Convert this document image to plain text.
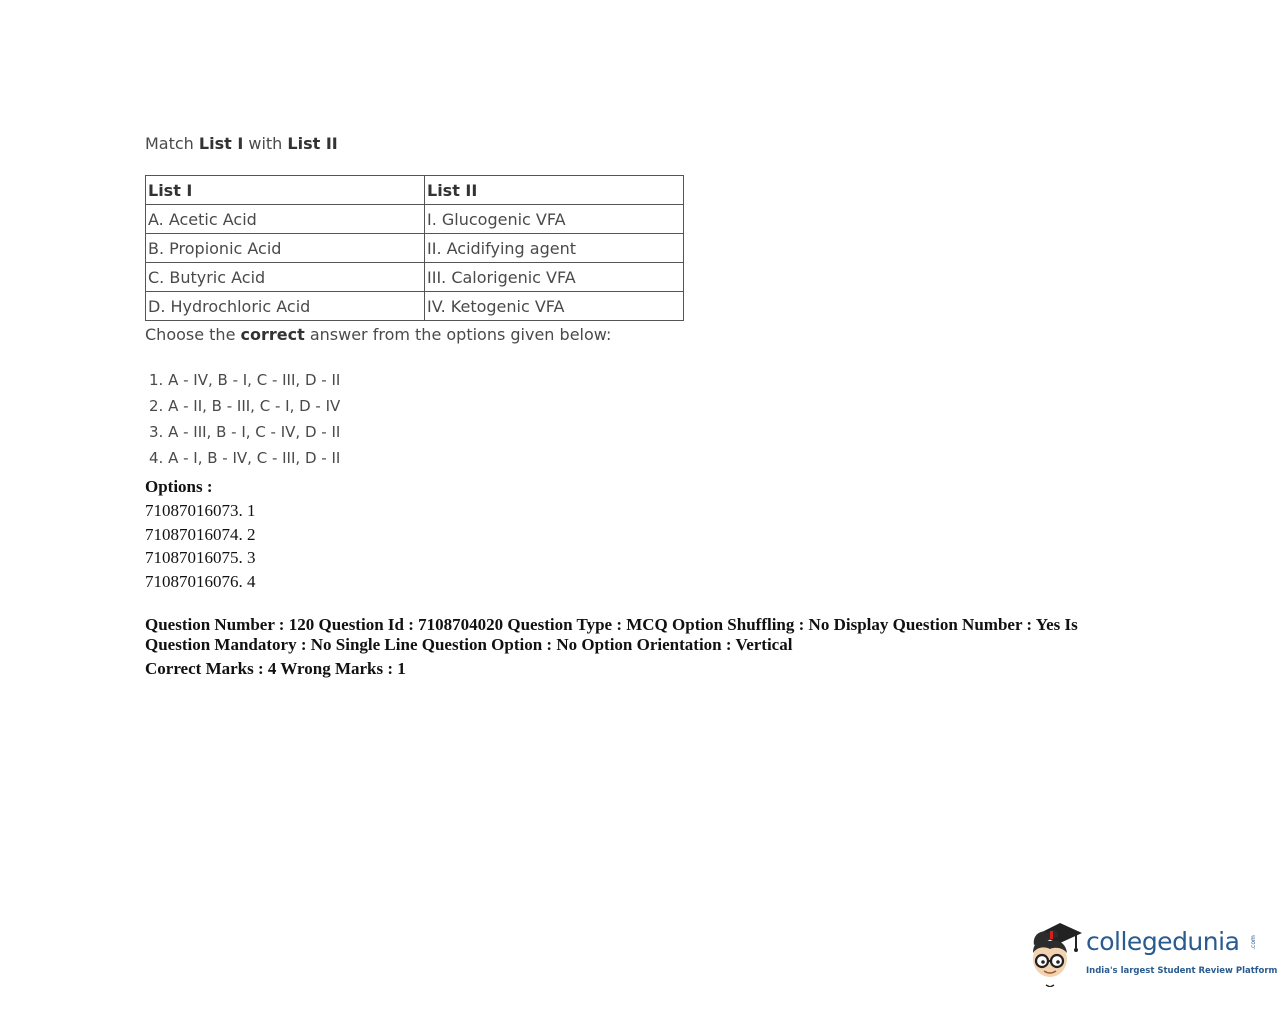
Match List I with List II

List I	List II
A. Acetic Acid	I. Glucogenic VFA
B. Propionic Acid	II. Acidifying agent
C. Butyric Acid	III. Calorigenic VFA
D. Hydrochloric Acid	IV. Ketogenic VFA

Choose the correct answer from the options given below:

1. A - IV, B - I, C - III, D - II
2. A - II, B - III, C - I, D - IV
3. A - III, B - I, C - IV, D - II
4. A - I, B - IV, C - III, D - II
Options :
71087016073. 1
71087016074. 2
71087016075. 3
71087016076. 4
Question Number : 120 Question Id : 7108704020 Question Type : MCQ Option Shuffling : No Display Question Number : Yes Is Question Mandatory : No Single Line Question Option : No Option Orientation : Vertical
Correct Marks : 4 Wrong Marks : 1
collegedunia .com
India's largest Student Review Platform
